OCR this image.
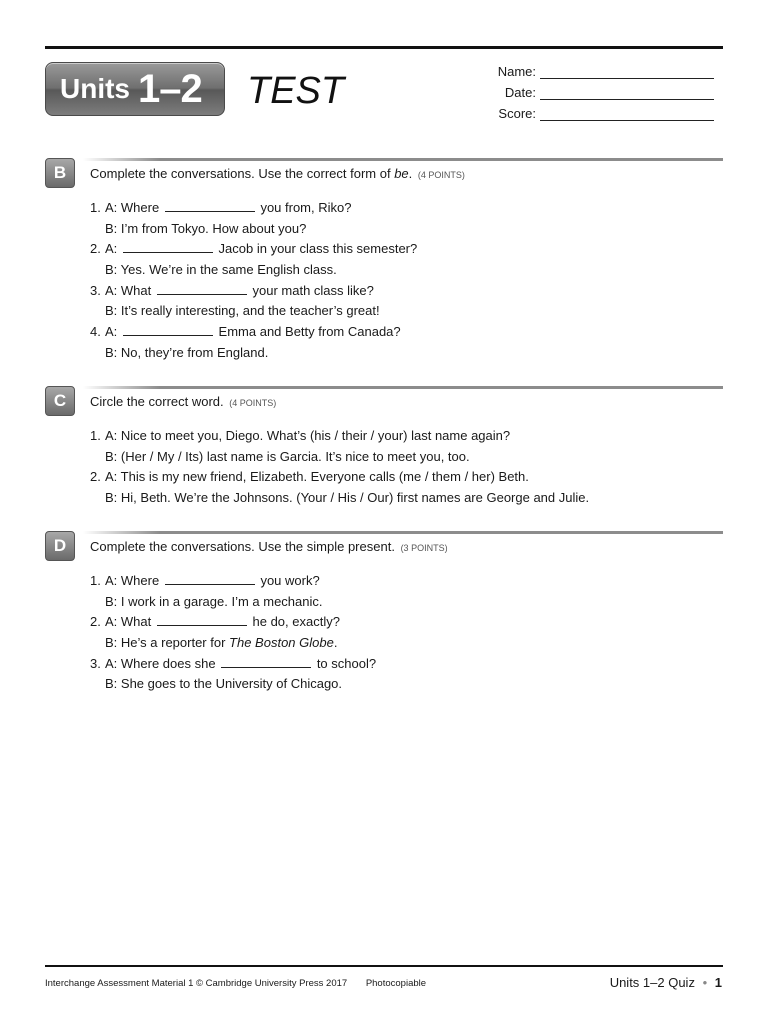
Units 1–2 TEST	Name:
Date:
Score:
B	Complete the conversations. Use the correct form of be. (4 POINTS)
1. A: Where	you from, Riko?
B: I’m from Tokyo. How about you?
2. A:	Jacob in your class this semester?
B: Yes. We’re in the same English class.
3. A: What	your math class like?
B: It’s really interesting, and the teacher’s great!
4. A:	Emma and Betty from Canada?
B: No, they’re from England.
C	Circle the correct word. (4 POINTS)
1. A: Nice to meet you, Diego. What’s (his / their / your) last name again?
B: (Her / My / Its) last name is Garcia. It’s nice to meet you, too.
2. A: This is my new friend, Elizabeth. Everyone calls (me / them / her) Beth.
B: Hi, Beth. We’re the Johnsons. (Your / His / Our) first names are George and Julie.
D	Complete the conversations. Use the simple present. (3 POINTS)
1. A: Where	you work?
B: I work in a garage. I’m a mechanic.
2. A: What	he do, exactly?
B: He’s a reporter for The Boston Globe.
3. A: Where does she	to school?
B: She goes to the University of Chicago.
Interchange Assessment Material 1 © Cambridge University Press 2017 Photocopiable	Units 1–2 Quiz • 1
